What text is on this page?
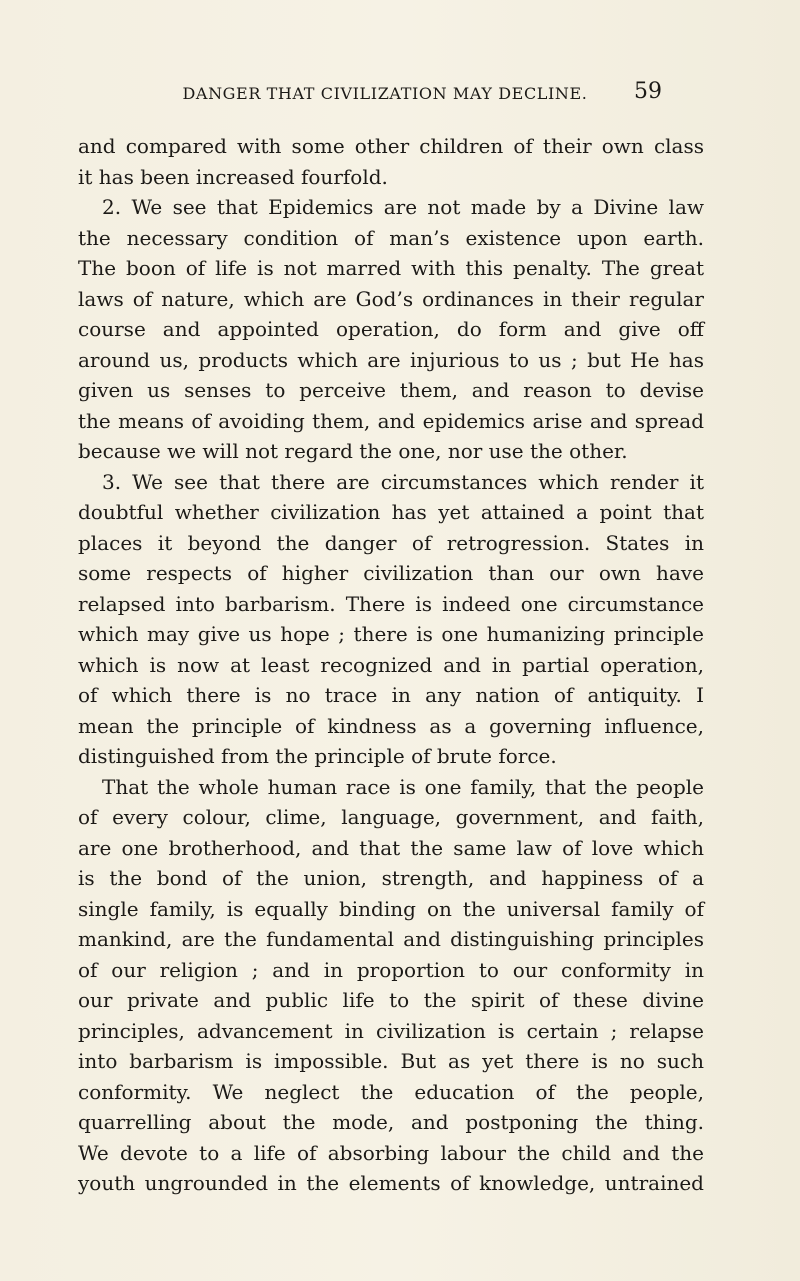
DANGER THAT CIVILIZATION MAY DECLINE.	59
and compared with some other children of their own class
it has been increased fourfold.
2. We see that Epidemics are not made by a Divine law
the necessary condition of man’s existence upon earth.
The boon of life is not marred with this penalty. The great
laws of nature, which are God’s ordinances in their regular
course and appointed operation, do form and give off
around us, products which are injurious to us ; but He has
given us senses to perceive them, and reason to devise
the means of avoiding them, and epidemics arise and spread
because we will not regard the one, nor use the other.
3. We see that there are circumstances which render it
doubtful whether civilization has yet attained a point that
places it beyond the danger of retrogression. States in
some respects of higher civilization than our own have
relapsed into barbarism. There is indeed one circumstance
which may give us hope ; there is one humanizing principle
which is now at least recognized and in partial operation,
of which there is no trace in any nation of antiquity. I
mean the principle of kindness as a governing influence,
distinguished from the principle of brute force.
That the whole human race is one family, that the people
of every colour, clime, language, government, and faith,
are one brotherhood, and that the same law of love which
is the bond of the union, strength, and happiness of a
single family, is equally binding on the universal family of
mankind, are the fundamental and distinguishing principles
of our religion ; and in proportion to our conformity in
our private and public life to the spirit of these divine
principles, advancement in civilization is certain ; relapse
into barbarism is impossible. But as yet there is no such
conformity. We neglect the education of the people,
quarrelling about the mode, and postponing the thing.
We devote to a life of absorbing labour the child and the
youth ungrounded in the elements of knowledge, untrained
